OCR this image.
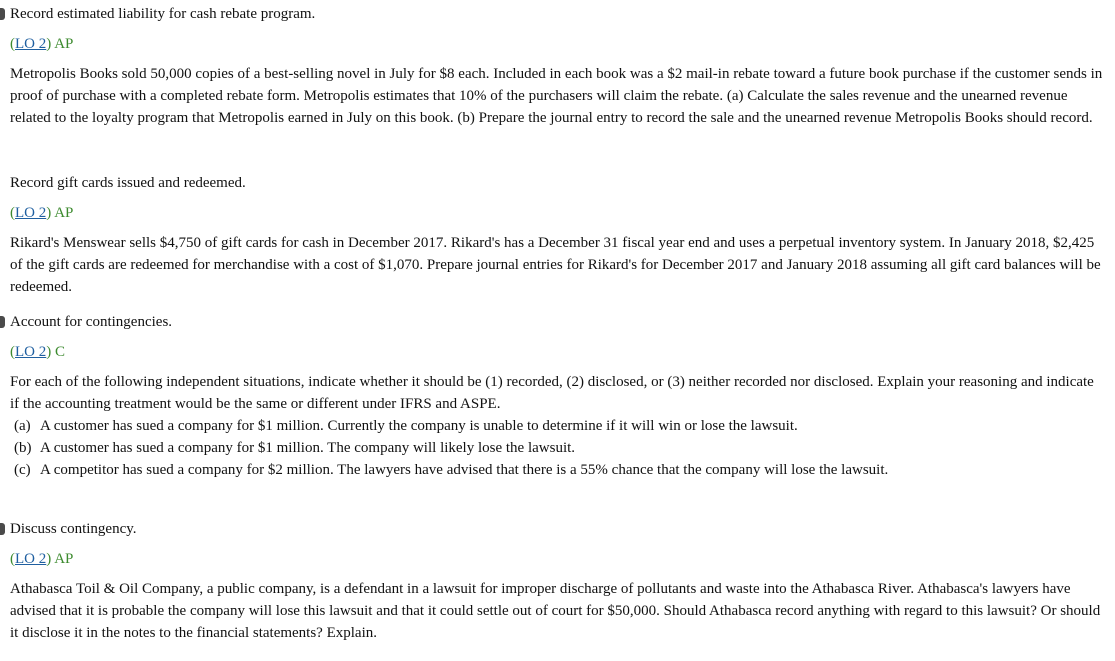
Record estimated liability for cash rebate program.
(LO 2) AP
Metropolis Books sold 50,000 copies of a best-selling novel in July for $8 each. Included in each book was a $2 mail-in rebate toward a future book purchase if the customer sends in proof of purchase with a completed rebate form. Metropolis estimates that 10% of the purchasers will claim the rebate. (a) Calculate the sales revenue and the unearned revenue related to the loyalty program that Metropolis earned in July on this book. (b) Prepare the journal entry to record the sale and the unearned revenue Metropolis Books should record.
Record gift cards issued and redeemed.
(LO 2) AP
Rikard's Menswear sells $4,750 of gift cards for cash in December 2017. Rikard's has a December 31 fiscal year end and uses a perpetual inventory system. In January 2018, $2,425 of the gift cards are redeemed for merchandise with a cost of $1,070. Prepare journal entries for Rikard's for December 2017 and January 2018 assuming all gift card balances will be redeemed.
Account for contingencies.
(LO 2) C
For each of the following independent situations, indicate whether it should be (1) recorded, (2) disclosed, or (3) neither recorded nor disclosed. Explain your reasoning and indicate if the accounting treatment would be the same or different under IFRS and ASPE.
(a) A customer has sued a company for $1 million. Currently the company is unable to determine if it will win or lose the lawsuit.
(b) A customer has sued a company for $1 million. The company will likely lose the lawsuit.
(c) A competitor has sued a company for $2 million. The lawyers have advised that there is a 55% chance that the company will lose the lawsuit.
Discuss contingency.
(LO 2) AP
Athabasca Toil & Oil Company, a public company, is a defendant in a lawsuit for improper discharge of pollutants and waste into the Athabasca River. Athabasca's lawyers have advised that it is probable the company will lose this lawsuit and that it could settle out of court for $50,000. Should Athabasca record anything with regard to this lawsuit? Or should it disclose it in the notes to the financial statements? Explain.
